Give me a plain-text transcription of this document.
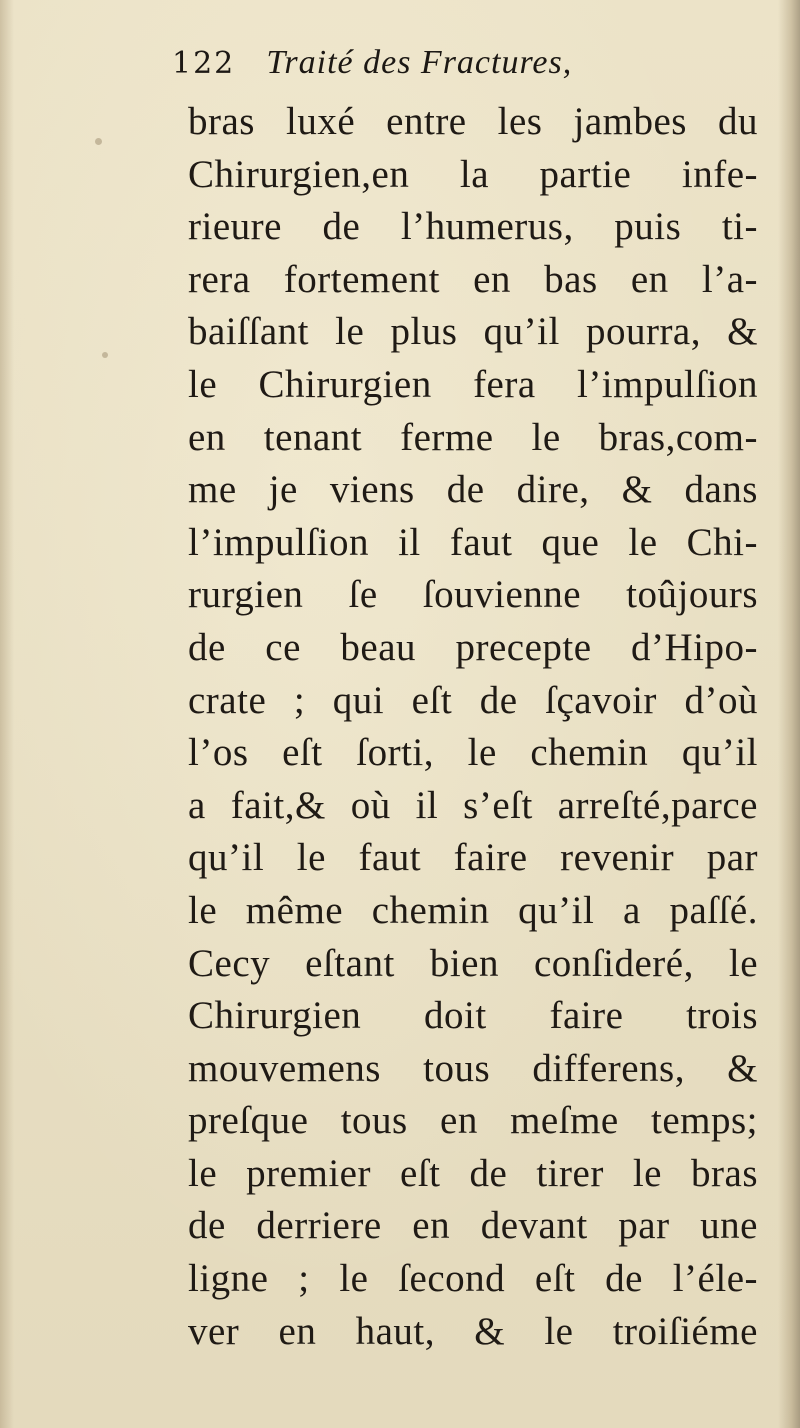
122 Traité des Fractures,
bras luxé entre les jambes du
Chirurgien,en la partie infe-
rieure de l’humerus, puis ti-
rera fortement en bas en l’a-
baiſſant le plus qu’il pourra, &
le Chirurgien fera l’impulſion
en tenant ferme le bras,com-
me je viens de dire, & dans
l’impulſion il faut que le Chi-
rurgien ſe ſouvienne toûjours
de ce beau precepte d’Hipo-
crate ; qui eſt de ſçavoir d’où
l’os eſt ſorti, le chemin qu’il
a fait,& où il s’eſt arreſté,parce
qu’il le faut faire revenir par
le même chemin qu’il a paſſé.
Cecy eſtant bien conſideré, le
Chirurgien doit faire trois
mouvemens tous differens, &
preſque tous en meſme temps;
le premier eſt de tirer le bras
de derriere en devant par une
ligne ; le ſecond eſt de l’éle-
ver en haut, & le troiſiéme
